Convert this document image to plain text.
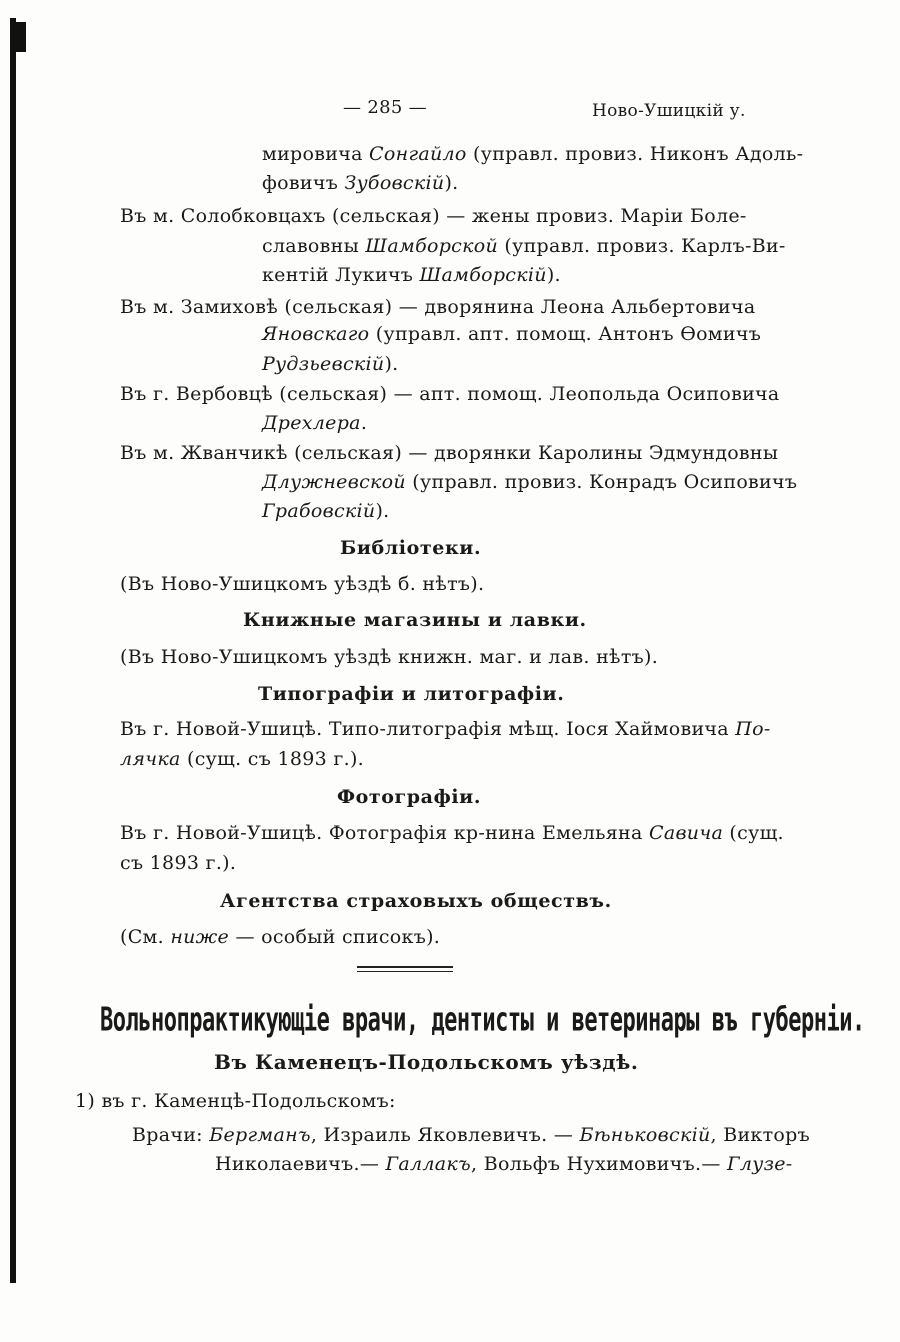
— 285 —	Ново-Ушицкій у.
мировича Сонгайло (управл. провиз. Никонъ Адоль-
фовичъ Зубовскій).
Въ м. Солобковцахъ (сельская) — жены провиз. Маріи Боле-
славовны Шамборской (управл. провиз. Карлъ-Ви-
кентій Лукичъ Шамборскій).
Въ м. Замиховѣ (сельская) — дворянина Леона Альбертовича
Яновскаго (управл. апт. помощ. Антонъ Ѳомичъ
Рудзьевскій).
Въ г. Вербовцѣ (сельская) — апт. помощ. Леопольда Осиповича
Дрехлера.
Въ м. Жванчикѣ (сельская) — дворянки Каролины Эдмундовны
Длужневской (управл. провиз. Конрадъ Осиповичъ
Грабовскій).
Библіотеки.
(Въ Ново-Ушицкомъ уѣздѣ б. нѣтъ).
Книжные магазины и лавки.
(Въ Ново-Ушицкомъ уѣздѣ книжн. маг. и лав. нѣтъ).
Типографіи и литографіи.
Въ г. Новой-Ушицѣ. Типо-литографія мѣщ. Іося Хаймовича По-
лячка (сущ. съ 1893 г.).
Фотографіи.
Въ г. Новой-Ушицѣ. Фотографія кр-нина Емельяна Савича (сущ.
съ 1893 г.).
Агентства страховыхъ обществъ.
(См. ниже — особый списокъ).
Вольнопрактикующіе врачи, дентисты и ветеринары въ губерніи.
Въ Каменецъ-Подольскомъ уѣздѣ.
1) въ г. Каменцѣ-Подольскомъ:
Врачи: Бергманъ, Израиль Яковлевичъ. — Бѣньковскій, Викторъ
Николаевичъ.— Галлакъ, Вольфъ Нухимовичъ.— Глузе-
